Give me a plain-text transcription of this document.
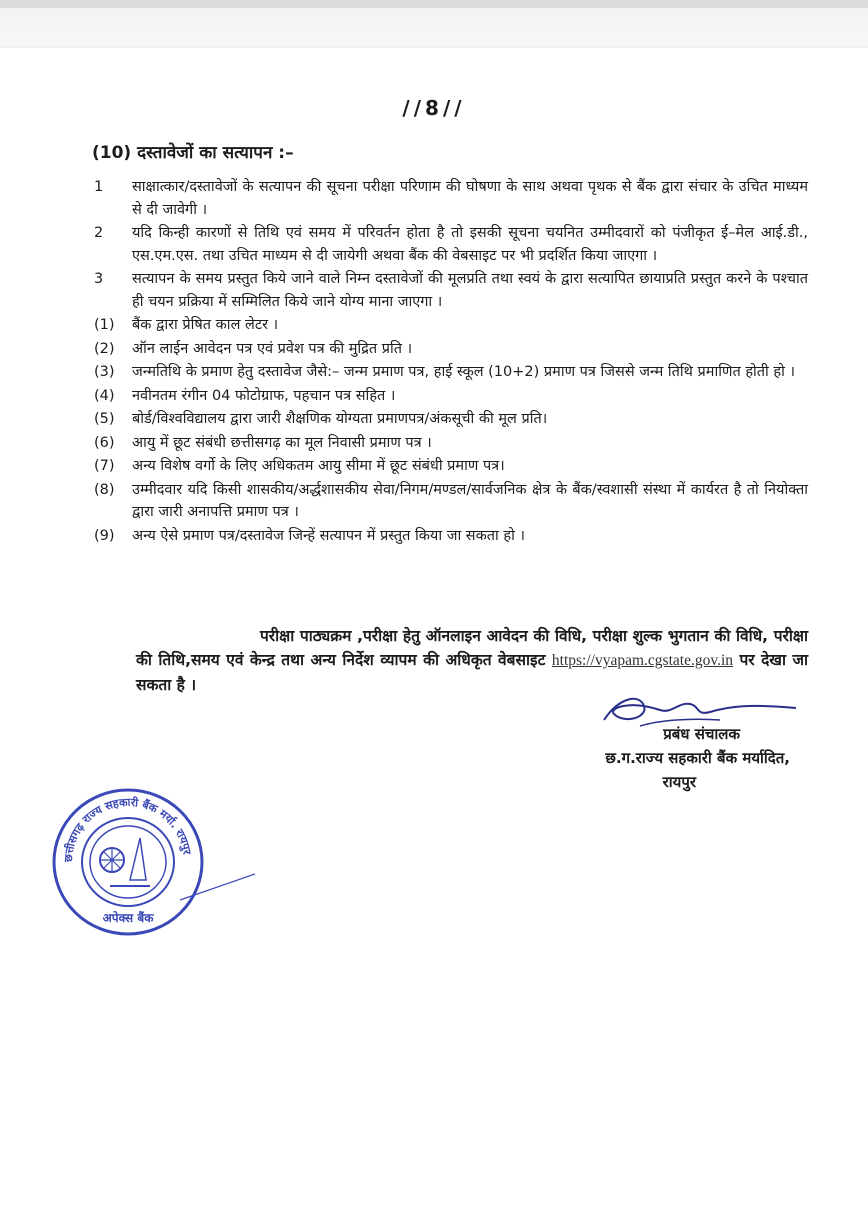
//8//
(10) दस्तावेजों का सत्यापन :–
1	साक्षात्कार/दस्तावेजों के सत्यापन की सूचना परीक्षा परिणाम की घोषणा के साथ अथवा पृथक से बैंक द्वारा संचार के उचित माध्यम से दी जावेगी ।
2	यदि किन्ही कारणों से तिथि एवं समय में परिवर्तन होता है तो इसकी सूचना चयनित उम्मीदवारों को पंजीकृत ई–मेल आई.डी., एस.एम.एस. तथा उचित माध्यम से दी जायेगी अथवा बैंक की वेबसाइट पर भी प्रदर्शित किया जाएगा ।
3	सत्यापन के समय प्रस्तुत किये जाने वाले निम्न दस्तावेजों की मूलप्रति तथा स्वयं के द्वारा सत्यापित छायाप्रति प्रस्तुत करने के पश्चात ही चयन प्रक्रिया में सम्मिलित किये जाने योग्य माना जाएगा ।
(1)	बैंक द्वारा प्रेषित काल लेटर ।
(2)	ऑन लाईन आवेदन पत्र एवं प्रवेश पत्र की मुद्रित प्रति ।
(3)	जन्मतिथि के प्रमाण हेतु दस्तावेज जैसे:– जन्म प्रमाण पत्र, हाई स्कूल (10+2) प्रमाण पत्र जिससे जन्म तिथि प्रमाणित होती हो ।
(4)	नवीनतम रंगीन 04 फोटोग्राफ, पहचान पत्र सहित ।
(5)	बोर्ड/विश्वविद्यालय द्वारा जारी शैक्षणिक योग्यता प्रमाणपत्र/अंकसूची की मूल प्रति।
(6)	आयु में छूट संबंधी छत्तीसगढ़ का मूल निवासी प्रमाण पत्र ।
(7)	अन्य विशेष वर्गो के लिए अधिकतम आयु सीमा में छूट संबंधी प्रमाण पत्र।
(8)	उम्मीदवार यदि किसी शासकीय/अर्द्धशासकीय सेवा/निगम/मण्डल/सार्वजनिक क्षेत्र के बैंक/स्वशासी संस्था में कार्यरत है तो नियोक्ता द्वारा जारी अनापत्ति प्रमाण पत्र ।
(9)	अन्य ऐसे प्रमाण पत्र/दस्तावेज जिन्हें सत्यापन में प्रस्तुत किया जा सकता हो ।
परीक्षा पाठ्यक्रम ,परीक्षा हेतु ऑनलाइन आवेदन की विधि, परीक्षा शुल्क भुगतान की विधि, परीक्षा की तिथि,समय एवं केन्द्र तथा अन्य निर्देश व्यापम की अधिकृत वेबसाइट https://vyapam.cgstate.gov.in पर देखा जा सकता है ।
प्रबंध संचालक
छ.ग.राज्य सहकारी बैंक मर्यादित,
रायपुर
छत्तीसगढ़ राज्य सहकारी बैंक मर्या. रायपुर
अपेक्स बैंक
